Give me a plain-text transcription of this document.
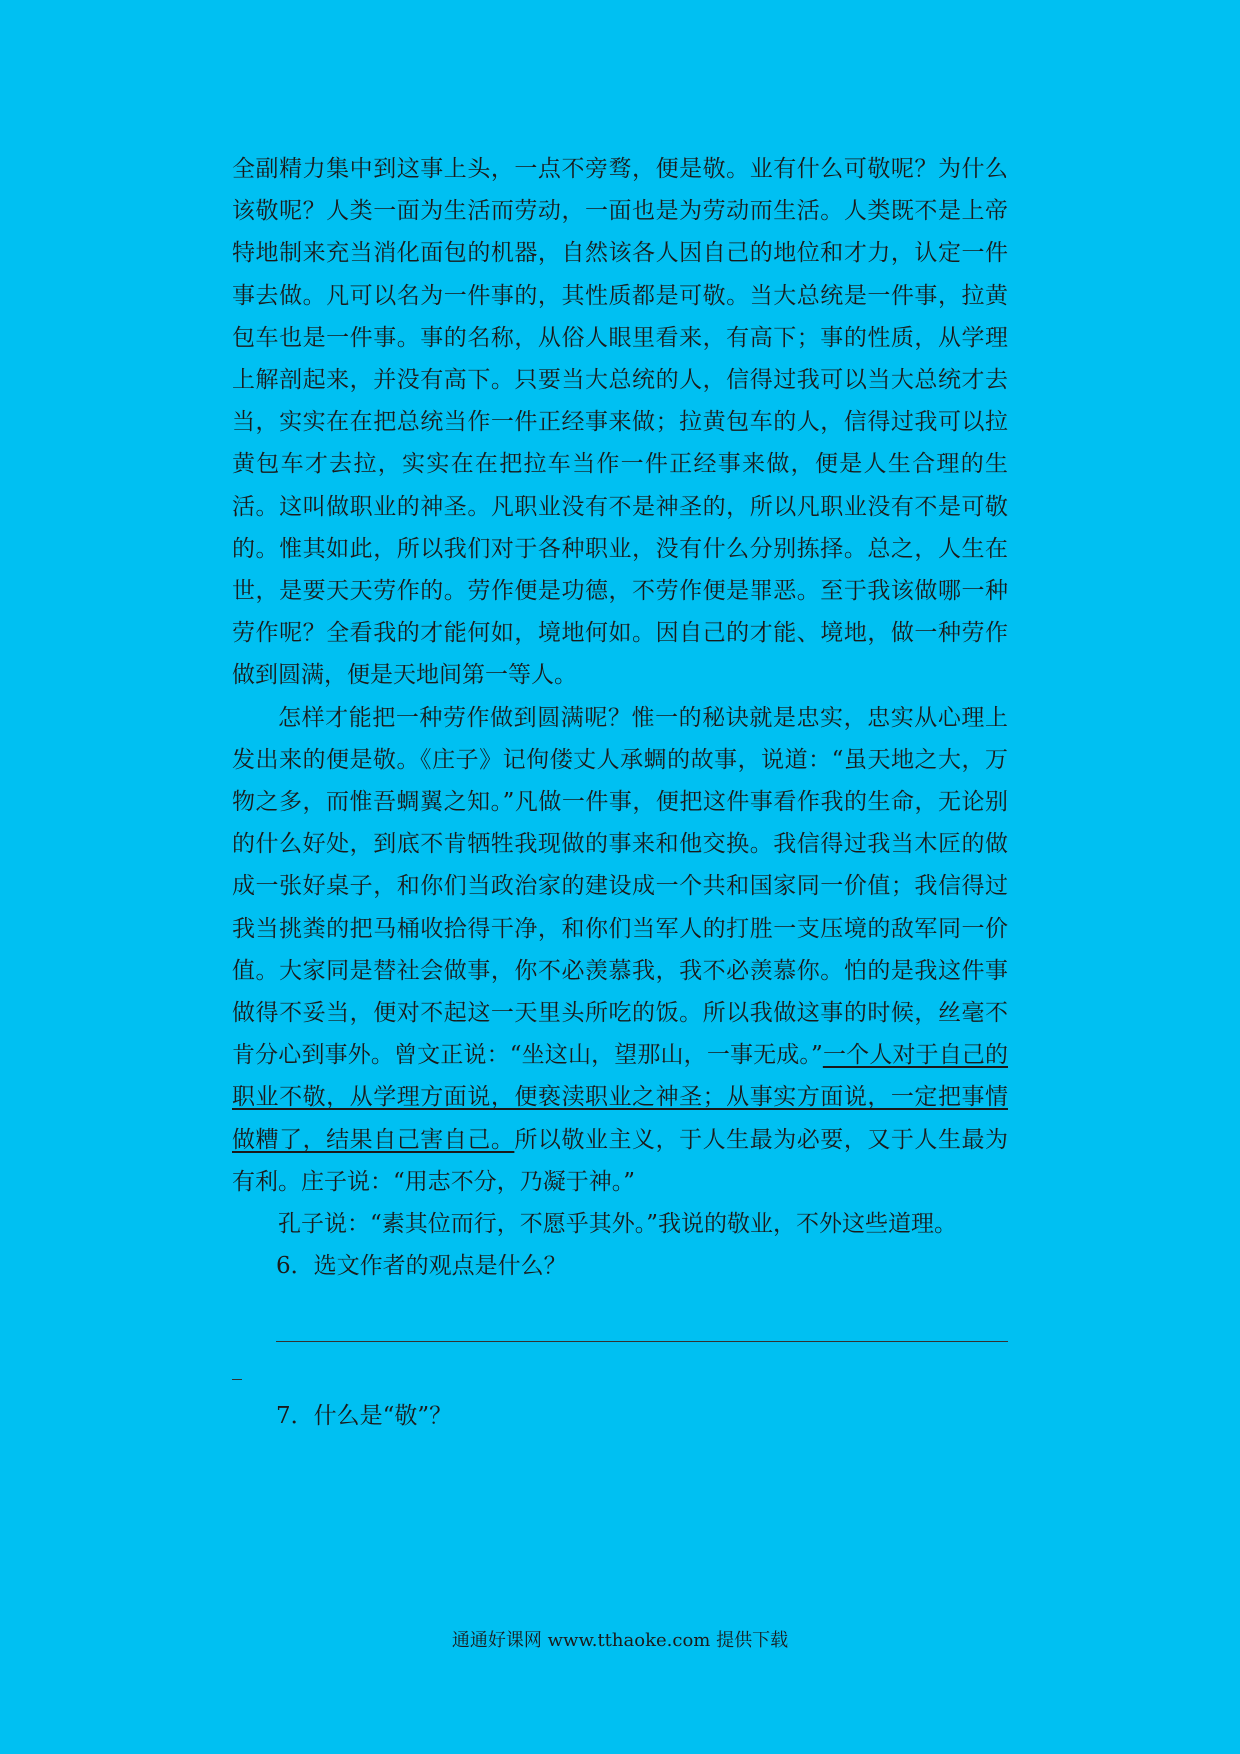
全副精力集中到这事上头，一点不旁骛，便是敬。业有什么可敬呢？为什么该敬呢？人类一面为生活而劳动，一面也是为劳动而生活。人类既不是上帝特地制来充当消化面包的机器，自然该各人因自己的地位和才力，认定一件事去做。凡可以名为一件事的，其性质都是可敬。当大总统是一件事，拉黄包车也是一件事。事的名称，从俗人眼里看来，有高下；事的性质，从学理上解剖起来，并没有高下。只要当大总统的人，信得过我可以当大总统才去当，实实在在把总统当作一件正经事来做；拉黄包车的人，信得过我可以拉黄包车才去拉，实实在在把拉车当作一件正经事来做，便是人生合理的生活。这叫做职业的神圣。凡职业没有不是神圣的，所以凡职业没有不是可敬的。惟其如此，所以我们对于各种职业，没有什么分别拣择。总之，人生在世，是要天天劳作的。劳作便是功德，不劳作便是罪恶。至于我该做哪一种劳作呢？全看我的才能何如，境地何如。因自己的才能、境地，做一种劳作做到圆满，便是天地间第一等人。

怎样才能把一种劳作做到圆满呢？惟一的秘诀就是忠实，忠实从心理上发出来的便是敬。《庄子》记佝偻丈人承蜩的故事，说道：“虽天地之大，万物之多，而惟吾蜩翼之知。”凡做一件事，便把这件事看作我的生命，无论别的什么好处，到底不肯牺牲我现做的事来和他交换。我信得过我当木匠的做成一张好桌子，和你们当政治家的建设成一个共和国家同一价值；我信得过我当挑粪的把马桶收拾得干净，和你们当军人的打胜一支压境的敌军同一价值。大家同是替社会做事，你不必羡慕我，我不必羡慕你。怕的是我这件事做得不妥当，便对不起这一天里头所吃的饭。所以我做这事的时候，丝毫不肯分心到事外。曾文正说：“坐这山，望那山，一事无成。”一个人对于自己的职业不敬，从学理方面说，便亵渎职业之神圣；从事实方面说，一定把事情做糟了，结果自己害自己。所以敬业主义，于人生最为必要，又于人生最为有利。庄子说：“用志不分，乃凝于神。”

孔子说：“素其位而行，不愿乎其外。”我说的敬业，不外这些道理。

6．选文作者的观点是什么？

7．什么是“敬”？

通通好课网 www.tthaoke.com 提供下载
